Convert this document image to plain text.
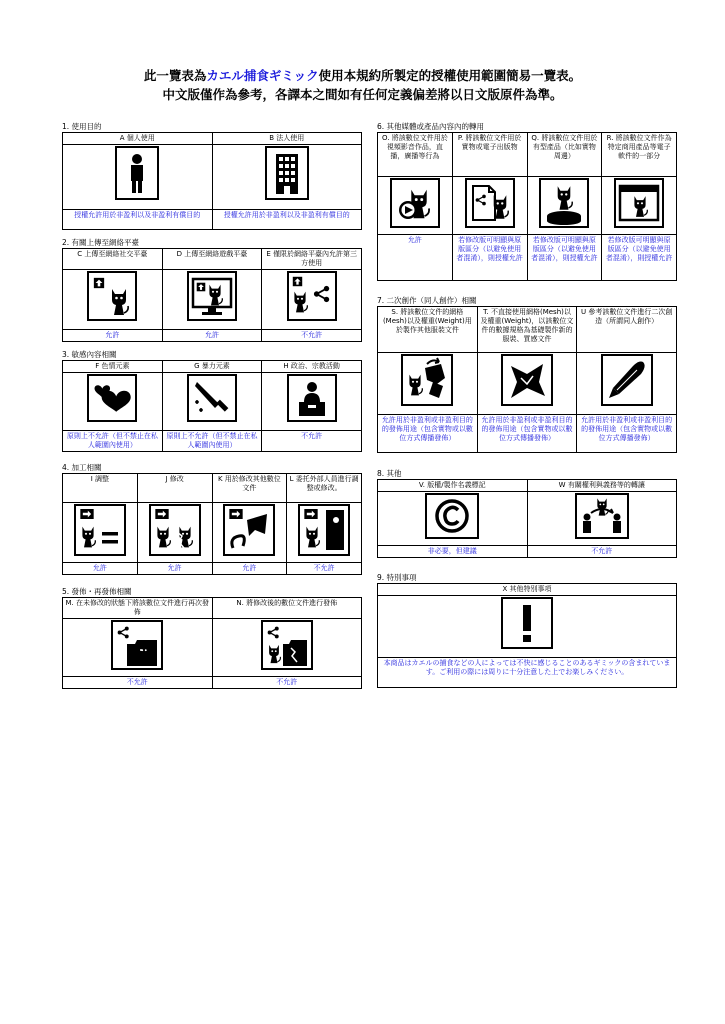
此一覽表為カエル捕食ギミック使用本規約所製定的授權使用範圍簡易一覽表。
中文版僅作為參考，各譯本之間如有任何定義偏差將以日文版原件為準。
1. 使用目的
A 個人使用	B 法人使用

授權允許用於非盈利以及非盈利有償目的	授權允許用於非盈利以及非盈利有償目的
2. 有關上傳至網絡平臺
C 上傳至網絡社交平臺	D 上傳至網絡遊戲平臺	E 僅限於網絡平臺內允許第三方使用

允許	允許	不允許
3. 敏感內容相關
F 色情元素	G 暴力元素	H 政治、宗教活動

原則上不允許（但不禁止在私人範圍內使用）	原則上不允許（但不禁止在私人範圍內使用）	不允許
4. 加工相關
I 調整	J 修改	K 用於修改其他數位文件	L 委托外部人員進行調整或修改。

允許	允許	允許	不允許
5. 發佈・再發佈相關
M. 在未修改的狀態下將該數位文件進行再次發佈	N. 將修改後的數位文件進行發佈

不允許	不允許
6. 其他媒體或產品內容內的轉用
O. 將該數位文件用於視頻影音作品，直播，廣播等行為	P. 將該數位文件用於實物或電子出版物	Q. 將該數位文件用於有型產品（比如實物周邊）	R. 將該數位文件作為特定商用產品等電子軟件的一部分

允許	若修改版可明顯與原版區分（以避免使用者混淆），則授權允許	若修改版可明顯與原版區分（以避免使用者混淆），則授權允許	若修改版可明顯與原版區分（以避免使用者混淆），則授權允許
7. 二次創作（同人創作）相關
S. 將該數位文件的網格(Mesh)以及權重(Weight)用於製作其他服裝文件	T. 不直接使用網格(Mesh)以及權重(Weight)，以該數位文件的數據規格為基礎製作新的服裝、質感文件	U 參考該數位文件進行二次創造（所謂同人創作）

允許用於非盈利或非盈利目的的發佈用途（包含實物或以數位方式傳播發佈）	允許用於非盈利或非盈利目的的發佈用途（包含實物或以數位方式傳播發佈）	允許用於非盈利或非盈利目的的發佈用途（包含實物或以數位方式傳播發佈）
8. 其他
V. 版權/製作名義標記	W 有關權利與義務等的轉讓

非必要，但建議	不允許
9. 特別事項
X 其他特別事項

本商品はカエルの捕食などの人によっては不快に感じることのあるギミックの含まれています。ご利用の際には周りに十分注意した上でお楽しみください。
